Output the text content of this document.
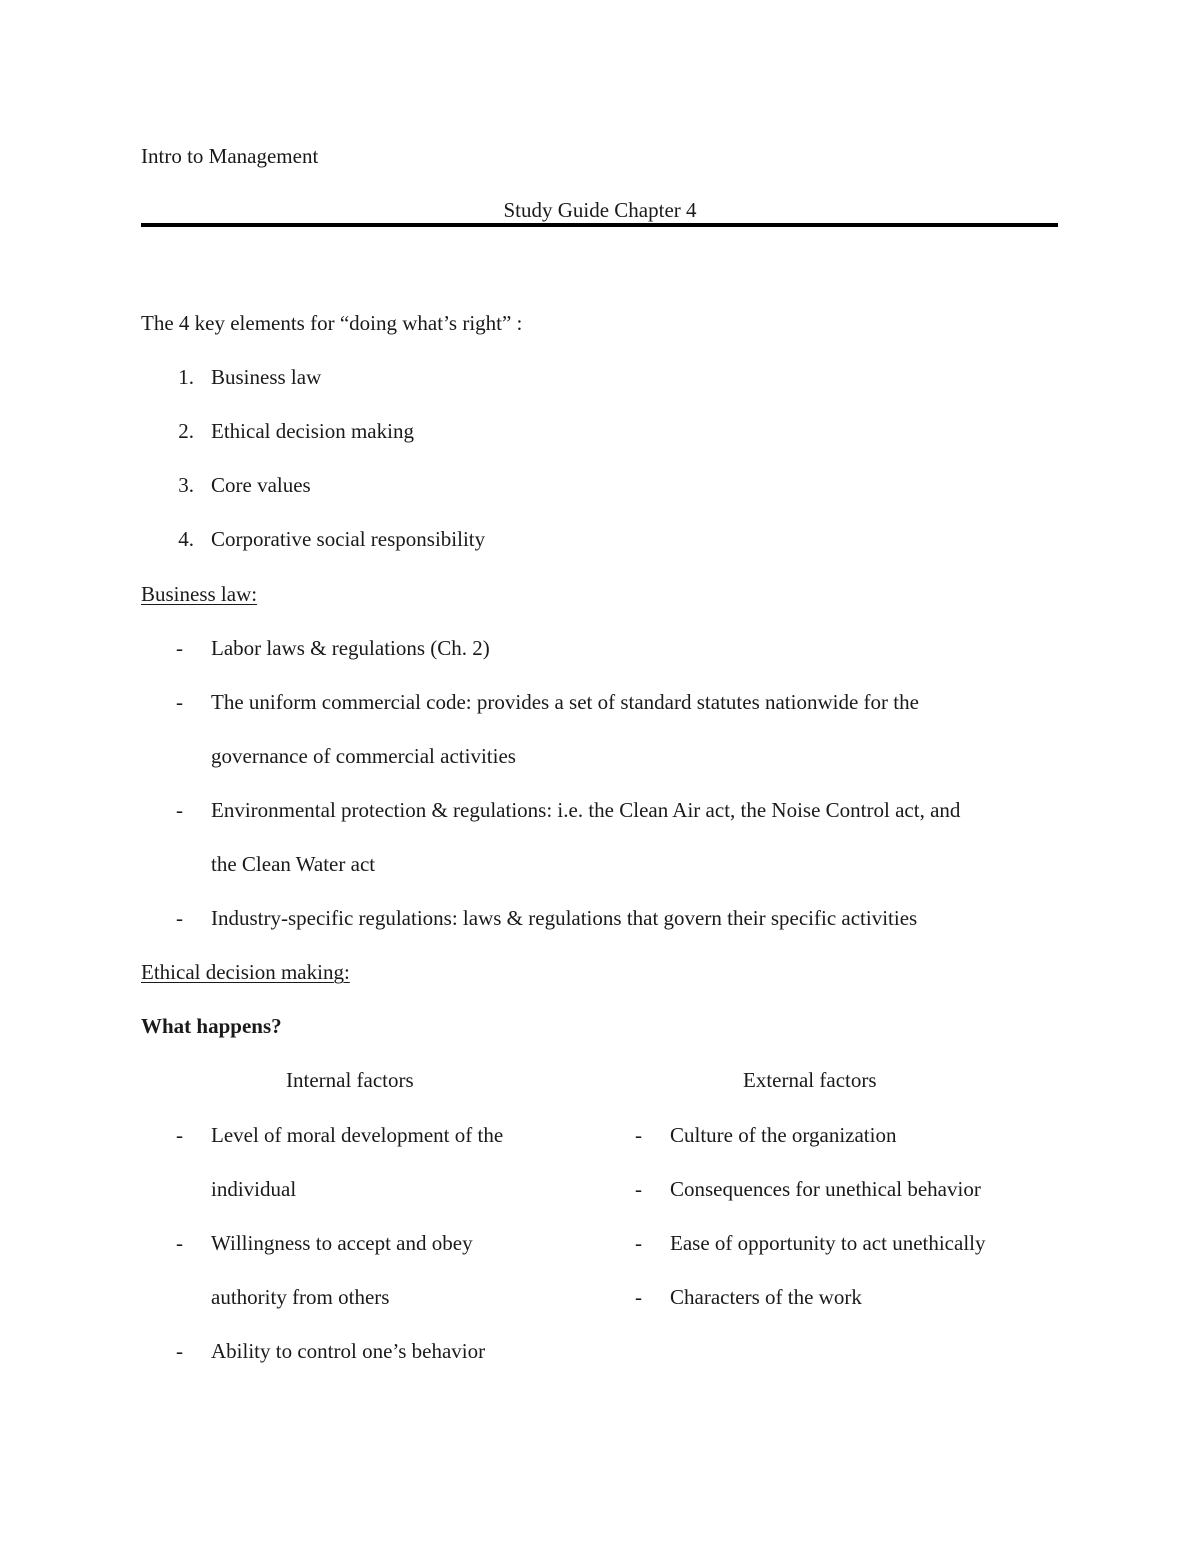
Intro to Management
Study Guide Chapter 4
The 4 key elements for “doing what’s right” :
1. Business law
2. Ethical decision making
3. Core values
4. Corporative social responsibility
Business law:
- Labor laws & regulations (Ch. 2)
- The uniform commercial code: provides a set of standard statutes nationwide for the
governance of commercial activities
- Environmental protection & regulations: i.e. the Clean Air act, the Noise Control act, and
the Clean Water act
- Industry-specific regulations: laws & regulations that govern their specific activities
Ethical decision making:
What happens?
Internal factors	External factors
- Level of moral development of the
individual
- Willingness to accept and obey
authority from others
- Ability to control one’s behavior
- Culture of the organization
- Consequences for unethical behavior
- Ease of opportunity to act unethically
- Characters of the work
